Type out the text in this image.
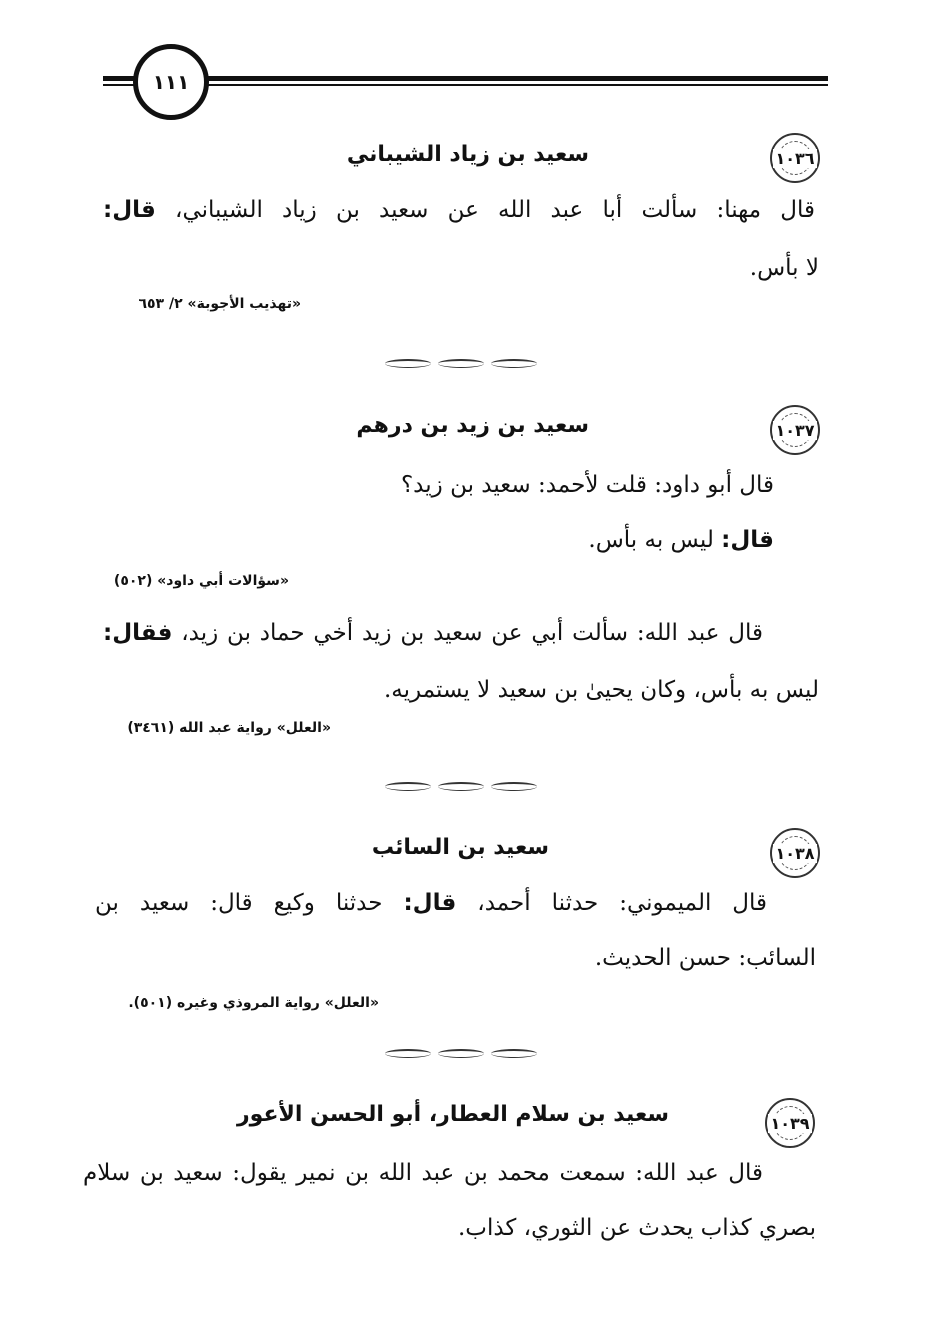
١١١
١٠٣٦
سعيد بن زياد الشيباني
قال مهنا: سألت أبا عبد الله عن سعيد بن زياد الشيباني، قال:
لا بأس.
«تهذيب الأجوبة» ٢/ ٦٥٣
١٠٣٧
سعيد بن زيد بن درهم
قال أبو داود: قلت لأحمد: سعيد بن زيد؟
قال: ليس به بأس.
«سؤالات أبي داود» (٥٠٢)
قال عبد الله: سألت أبي عن سعيد بن زيد أخي حماد بن زيد، فقال:
ليس به بأس، وكان يحيىٰ بن سعيد لا يستمريه.
«العلل» رواية عبد الله (٣٤٦١)
١٠٣٨
سعيد بن السائب
قال الميموني: حدثنا أحمد، قال: حدثنا وكيع قال: سعيد بن
السائب: حسن الحديث.
«العلل» رواية المروذي وغيره (٥٠١).
١٠٣٩
سعيد بن سلام العطار، أبو الحسن الأعور
قال عبد الله: سمعت محمد بن عبد الله بن نمير يقول: سعيد بن سلام
بصري كذاب يحدث عن الثوري، كذاب.
